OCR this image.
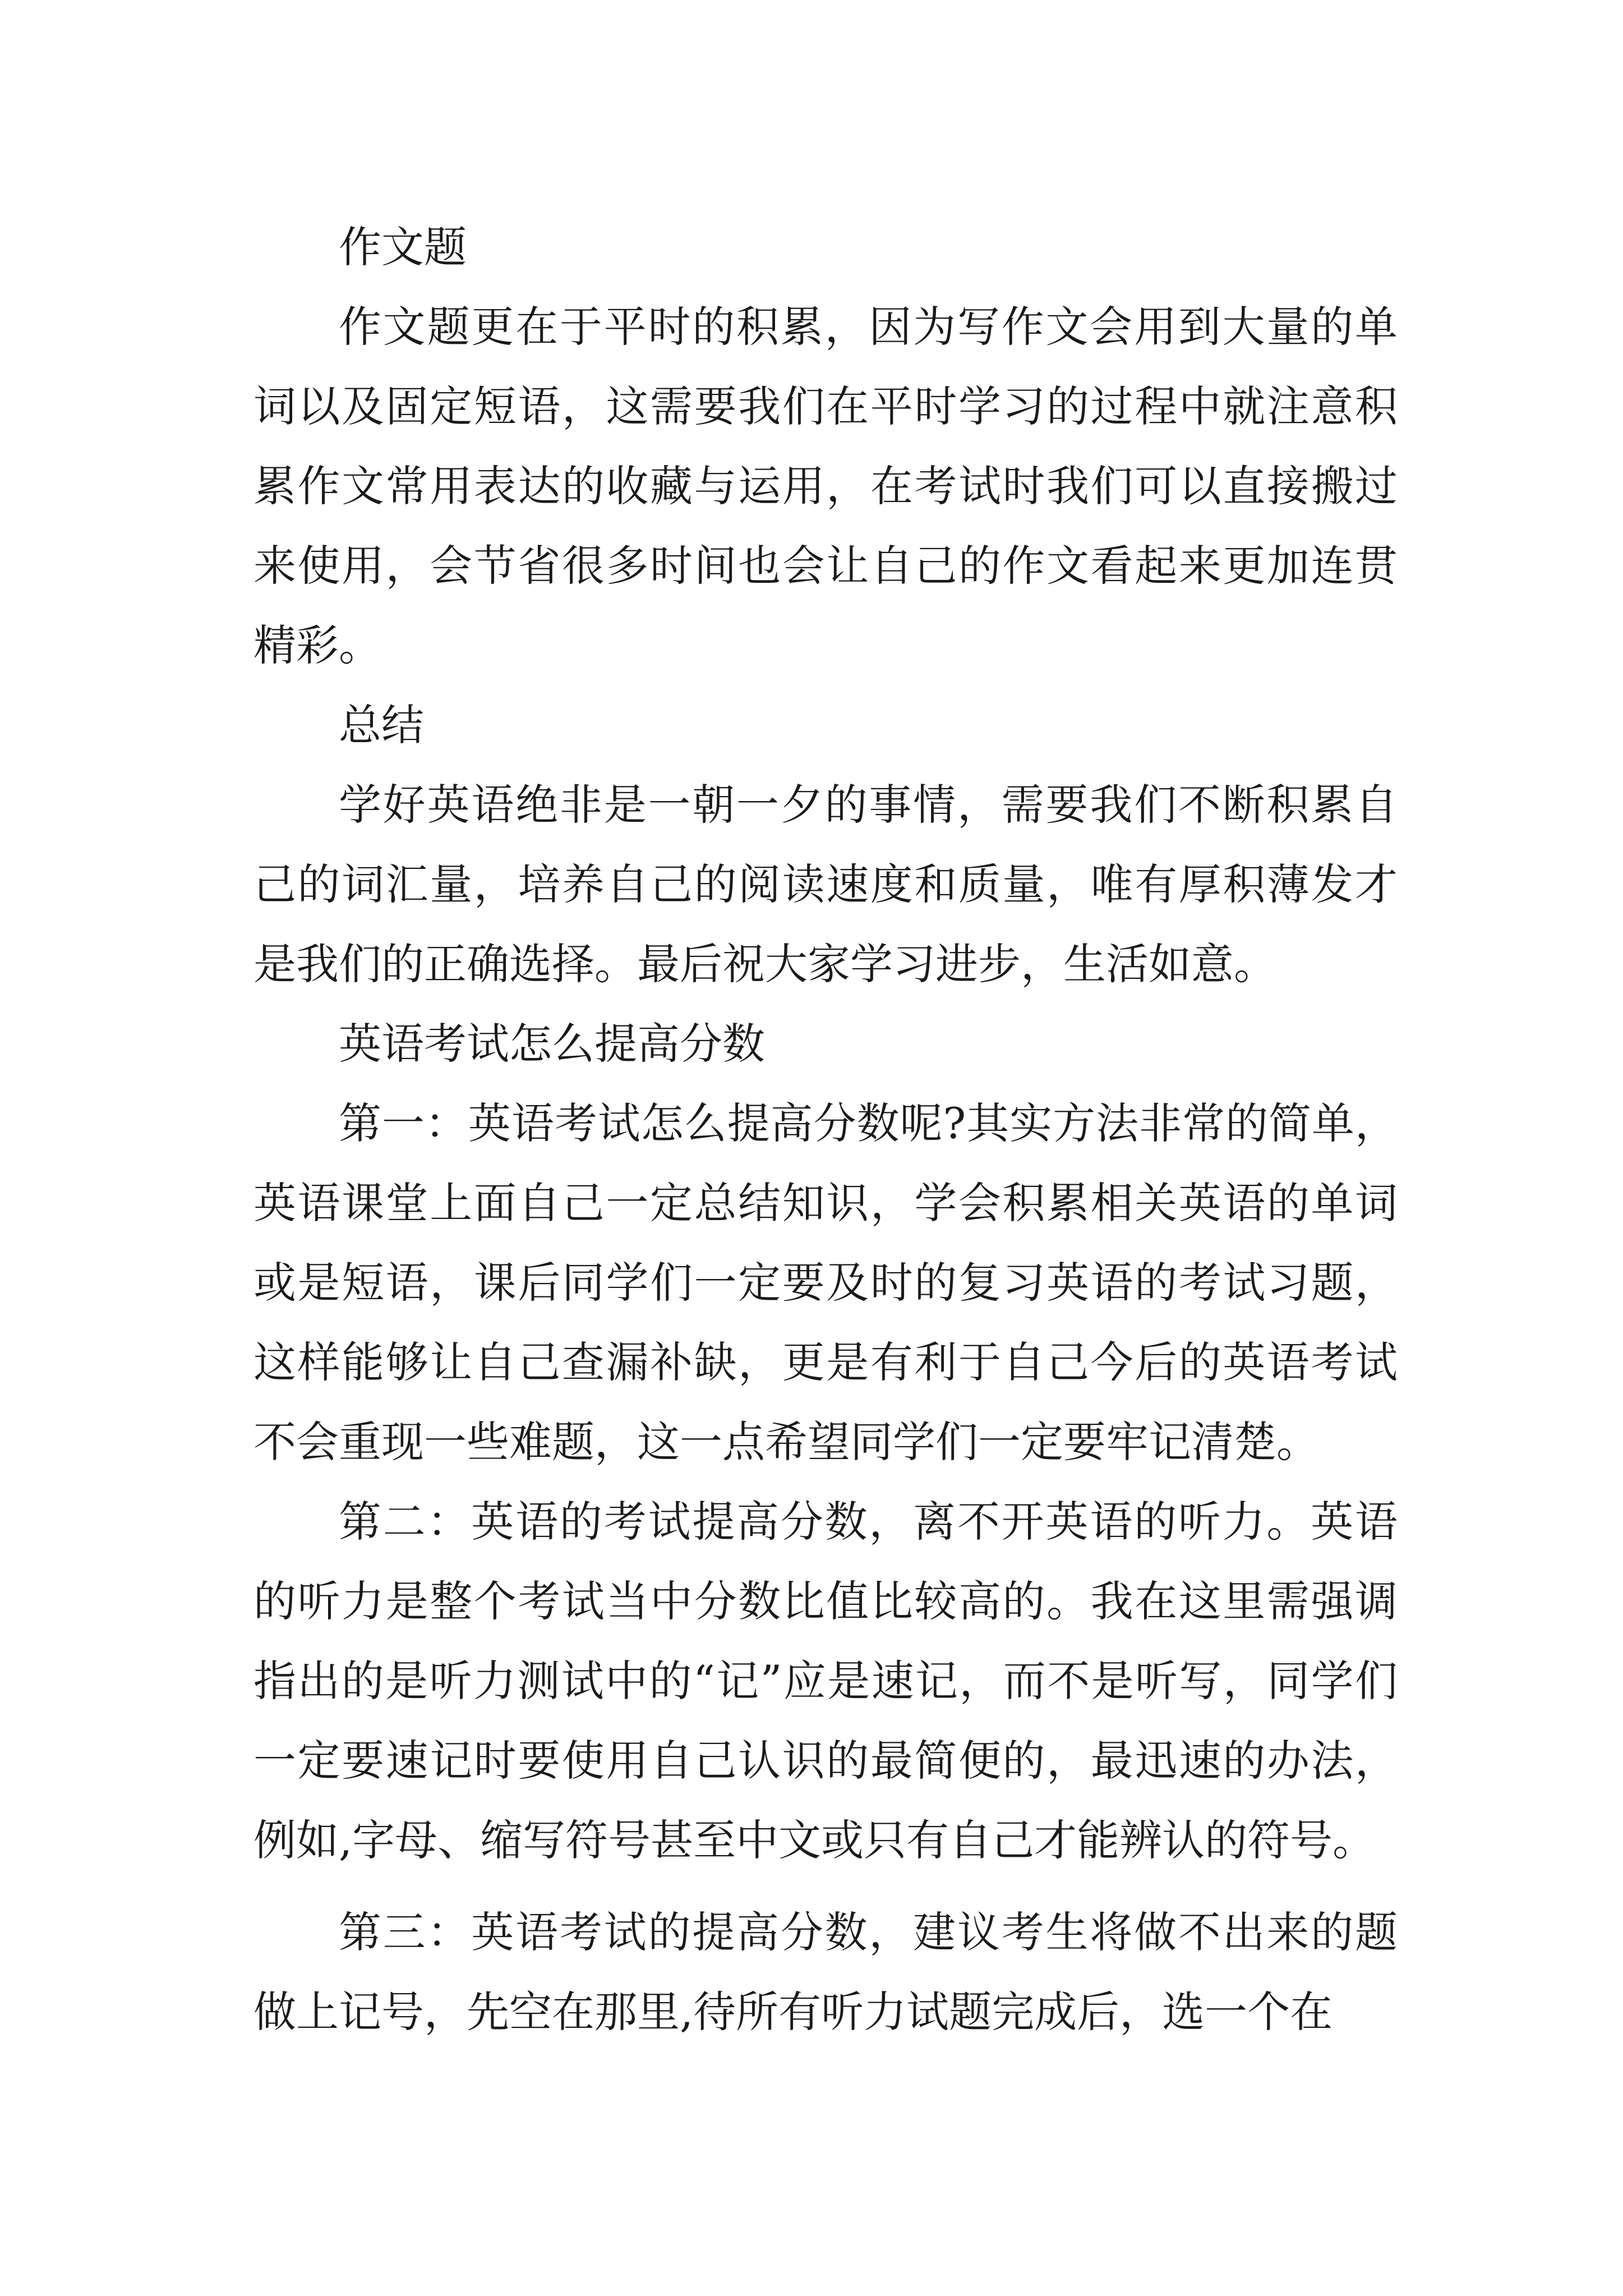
作文题

作文题更在于平时的积累，因为写作文会用到大量的单词以及固定短语，这需要我们在平时学习的过程中就注意积累作文常用表达的收藏与运用，在考试时我们可以直接搬过来使用，会节省很多时间也会让自己的作文看起来更加连贯精彩。

总结

学好英语绝非是一朝一夕的事情，需要我们不断积累自己的词汇量，培养自己的阅读速度和质量，唯有厚积薄发才是我们的正确选择。最后祝大家学习进步，生活如意。

英语考试怎么提高分数

第一：英语考试怎么提高分数呢?其实方法非常的简单，英语课堂上面自己一定总结知识，学会积累相关英语的单词或是短语，课后同学们一定要及时的复习英语的考试习题，这样能够让自己查漏补缺，更是有利于自己今后的英语考试不会重现一些难题，这一点希望同学们一定要牢记清楚。

第二：英语的考试提高分数，离不开英语的听力。英语的听力是整个考试当中分数比值比较高的。我在这里需强调指出的是听力测试中的“记”应是速记，而不是听写，同学们一定要速记时要使用自己认识的最简便的，最迅速的办法，例如,字母、缩写符号甚至中文或只有自己才能辨认的符号。

第三：英语考试的提高分数，建议考生将做不出来的题做上记号，先空在那里,待所有听力试题完成后，选一个在
